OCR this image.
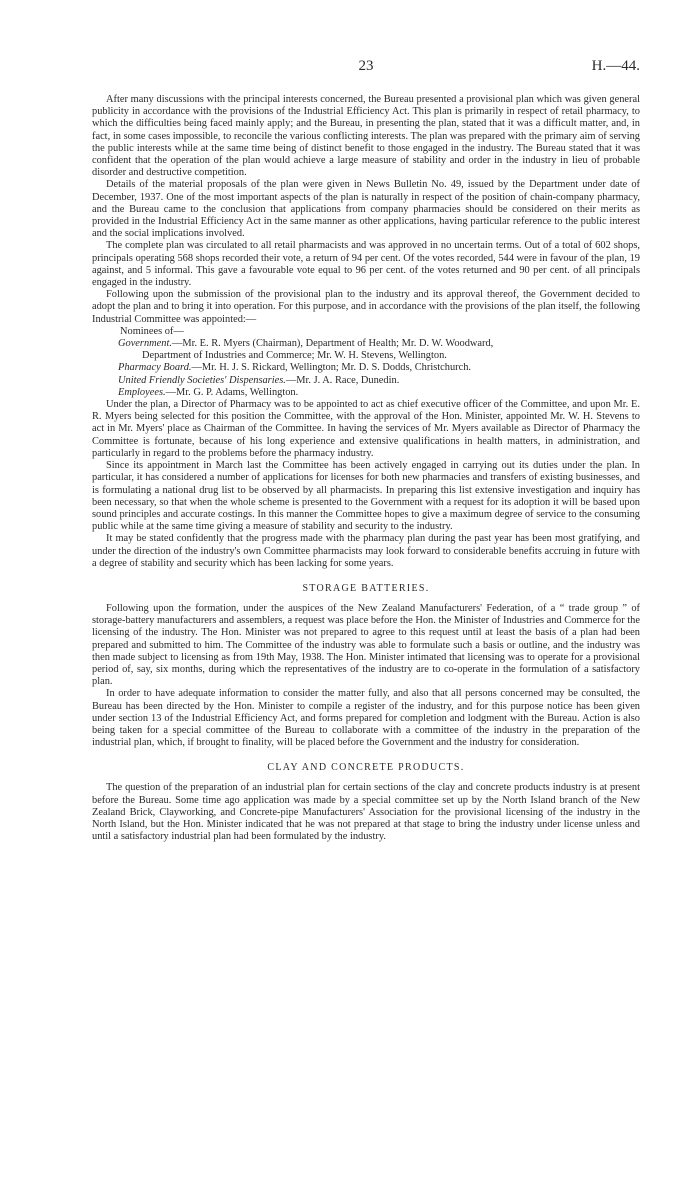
23	H.—44.

After many discussions with the principal interests concerned, the Bureau presented a provisional plan which was given general publicity in accordance with the provisions of the Industrial Efficiency Act. This plan is primarily in respect of retail pharmacy, to which the difficulties being faced mainly apply; and the Bureau, in presenting the plan, stated that it was a difficult matter, and, in fact, in some cases impossible, to reconcile the various conflicting interests. The plan was prepared with the primary aim of serving the public interests while at the same time being of distinct benefit to those engaged in the industry. The Bureau stated that it was confident that the operation of the plan would achieve a large measure of stability and order in the industry in lieu of probable disorder and destructive competition.

Details of the material proposals of the plan were given in News Bulletin No. 49, issued by the Department under date of December, 1937. One of the most important aspects of the plan is naturally in respect of the position of chain-company pharmacy, and the Bureau came to the conclusion that applications from company pharmacies should be considered on their merits as provided in the Industrial Efficiency Act in the same manner as other applications, having particular reference to the public interest and the social implications involved.

The complete plan was circulated to all retail pharmacists and was approved in no uncertain terms. Out of a total of 602 shops, principals operating 568 shops recorded their vote, a return of 94 per cent. Of the votes recorded, 544 were in favour of the plan, 19 against, and 5 informal. This gave a favourable vote equal to 96 per cent. of the votes returned and 90 per cent. of all principals engaged in the industry.

Following upon the submission of the provisional plan to the industry and its approval thereof, the Government decided to adopt the plan and to bring it into operation. For this purpose, and in accordance with the provisions of the plan itself, the following Industrial Committee was appointed:—

Nominees of—

Government.—Mr. E. R. Myers (Chairman), Department of Health; Mr. D. W. Woodward,
Department of Industries and Commerce; Mr. W. H. Stevens, Wellington.
Pharmacy Board.—Mr. H. J. S. Rickard, Wellington; Mr. D. S. Dodds, Christchurch.
United Friendly Societies' Dispensaries.—Mr. J. A. Race, Dunedin.
Employees.—Mr. G. P. Adams, Wellington.

Under the plan, a Director of Pharmacy was to be appointed to act as chief executive officer of the Committee, and upon Mr. E. R. Myers being selected for this position the Committee, with the approval of the Hon. Minister, appointed Mr. W. H. Stevens to act in Mr. Myers' place as Chairman of the Committee. In having the services of Mr. Myers available as Director of Pharmacy the Committee is fortunate, because of his long experience and extensive qualifications in health matters, in administration, and particularly in regard to the problems before the pharmacy industry.

Since its appointment in March last the Committee has been actively engaged in carrying out its duties under the plan. In particular, it has considered a number of applications for licenses for both new pharmacies and transfers of existing businesses, and is formulating a national drug list to be observed by all pharmacists. In preparing this list extensive investigation and inquiry has been necessary, so that when the whole scheme is presented to the Government with a request for its adoption it will be based upon sound principles and accurate costings. In this manner the Committee hopes to give a maximum degree of service to the consuming public while at the same time giving a measure of stability and security to the industry.

It may be stated confidently that the progress made with the pharmacy plan during the past year has been most gratifying, and under the direction of the industry's own Committee pharmacists may look forward to considerable benefits accruing in future with a degree of stability and security which has been lacking for some years.

STORAGE BATTERIES.

Following upon the formation, under the auspices of the New Zealand Manufacturers' Federation, of a “ trade group ” of storage-battery manufacturers and assemblers, a request was place before the Hon. the Minister of Industries and Commerce for the licensing of the industry. The Hon. Minister was not prepared to agree to this request until at least the basis of a plan had been prepared and submitted to him. The Committee of the industry was able to formulate such a basis or outline, and the industry was then made subject to licensing as from 19th May, 1938. The Hon. Minister intimated that licensing was to operate for a provisional period of, say, six months, during which the representatives of the industry are to co-operate in the formulation of a satisfactory plan.

In order to have adequate information to consider the matter fully, and also that all persons concerned may be consulted, the Bureau has been directed by the Hon. Minister to compile a register of the industry, and for this purpose notice has been given under section 13 of the Industrial Efficiency Act, and forms prepared for completion and lodgment with the Bureau. Action is also being taken for a special committee of the Bureau to collaborate with a committee of the industry in the preparation of the industrial plan, which, if brought to finality, will be placed before the Government and the industry for consideration.

CLAY AND CONCRETE PRODUCTS.

The question of the preparation of an industrial plan for certain sections of the clay and concrete products industry is at present before the Bureau. Some time ago application was made by a special committee set up by the North Island branch of the New Zealand Brick, Clayworking, and Concrete-pipe Manufacturers' Association for the provisional licensing of the industry in the North Island, but the Hon. Minister indicated that he was not prepared at that stage to bring the industry under license unless and until a satisfactory industrial plan had been formulated by the industry.
